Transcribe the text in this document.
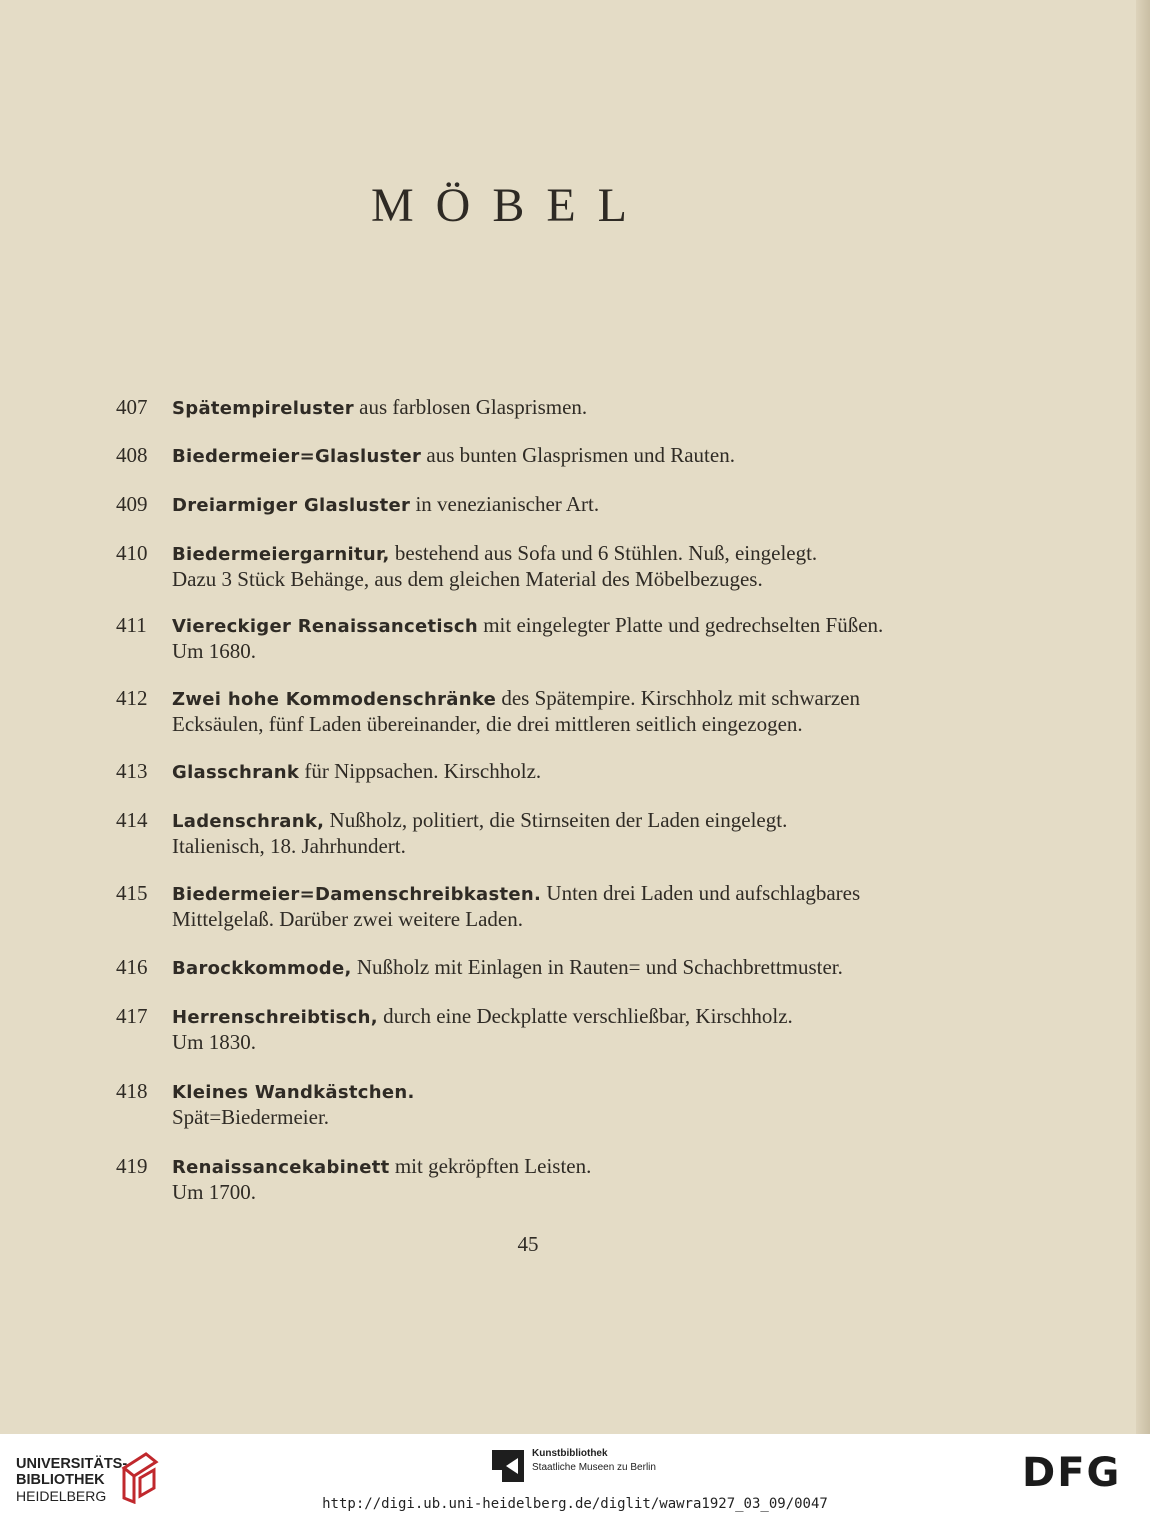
MÖBEL
407 Spätempireluster aus farblosen Glasprismen.
408 Biedermeier=Glasluster aus bunten Glasprismen und Rauten.
409 Dreiarmiger Glasluster in venezianischer Art.
410 Biedermeiergarnitur, bestehend aus Sofa und 6 Stühlen. Nuß, eingelegt.
Dazu 3 Stück Behänge, aus dem gleichen Material des Möbelbezuges.
411 Viereckiger Renaissancetisch mit eingelegter Platte und gedrechselten Füßen.
Um 1680.
412 Zwei hohe Kommodenschränke des Spätempire. Kirschholz mit schwarzen
Ecksäulen, fünf Laden übereinander, die drei mittleren seitlich eingezogen.
413 Glasschrank für Nippsachen. Kirschholz.
414 Ladenschrank, Nußholz, politiert, die Stirnseiten der Laden eingelegt.
Italienisch, 18. Jahrhundert.
415 Biedermeier=Damenschreibkasten. Unten drei Laden und aufschlagbares
Mittelgelaß. Darüber zwei weitere Laden.
416 Barockkommode, Nußholz mit Einlagen in Rauten= und Schachbrettmuster.
417 Herrenschreibtisch, durch eine Deckplatte verschließbar, Kirschholz.
Um 1830.
418 Kleines Wandkästchen.
Spät=Biedermeier.
419 Renaissancekabinett mit gekröpften Leisten.
Um 1700.
45
UNIVERSITÄTS-
BIBLIOTHEK
HEIDELBERG
Kunstbibliothek
Staatliche Museen zu Berlin	DFG
http://digi.ub.uni-heidelberg.de/diglit/wawra1927_03_09/0047
